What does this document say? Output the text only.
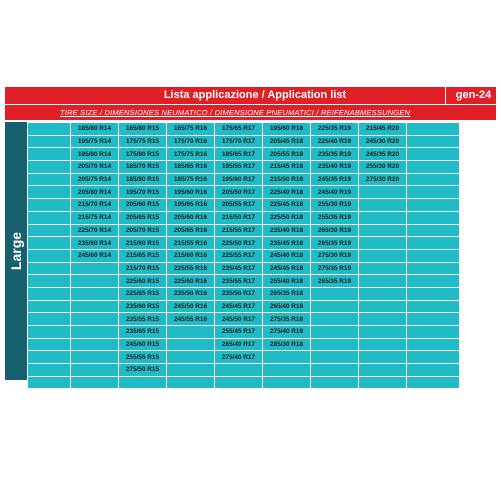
Lista applicazione / Application list	gen-24
TIRE SIZE / DIMENSIONES NEUMATICO / DIMENSIONE PNEUMATICI / REIFENABMESSUNGEN
Large
	185/80 R14	165/80 R15	165/75 R16	175/65 R17	195/60 R18	225/35 R19	215/45 R20	
	195/75 R14	175/75 R15	175/70 R16	175/70 R17	205/45 R18	225/40 R19	245/30 R20	
	195/80 R14	175/80 R15	175/75 R16	185/65 R17	205/55 R18	235/35 R19	245/35 R20	
	205/70 R14	185/70 R15	185/65 R16	195/55 R17	215/45 R18	235/40 R19	255/30 R20	
	205/75 R14	185/80 R15	185/75 R16	195/60 R17	215/50 R18	245/35 R19	275/30 R20	
	205/80 R14	195/70 R15	195/60 R16	205/50 R17	225/40 R18	245/40 R19		
	215/70 R14	205/60 R15	195/65 R16	205/55 R17	225/45 R18	255/30 R19		
	215/75 R14	205/65 R15	205/60 R16	215/50 R17	225/50 R18	255/35 R19		
	225/70 R14	205/70 R15	205/65 R16	215/55 R17	235/40 R18	265/30 R19		
	235/60 R14	215/60 R15	215/55 R16	225/50 R17	235/45 R18	265/35 R19		
	245/60 R14	215/65 R15	215/60 R16	225/55 R17	245/40 R18	275/30 R19		
		215/70 R15	225/55 R16	235/45 R17	245/45 R18	275/35 R19		
		225/60 R15	225/60 R16	235/55 R17	255/40 R18	285/35 R19		
		225/65 R15	235/50 R16	235/50 R17	265/35 R18			
		235/60 R15	245/50 R16	245/45 R17	265/40 R18			
		235/55 R15	245/55 R16	245/50 R17	275/35 R18			
		235/65 R15		255/45 R17	275/40 R18			
		245/60 R15		265/40 R17	285/30 R18			
		255/55 R15		275/40 R17				
		275/50 R15						
